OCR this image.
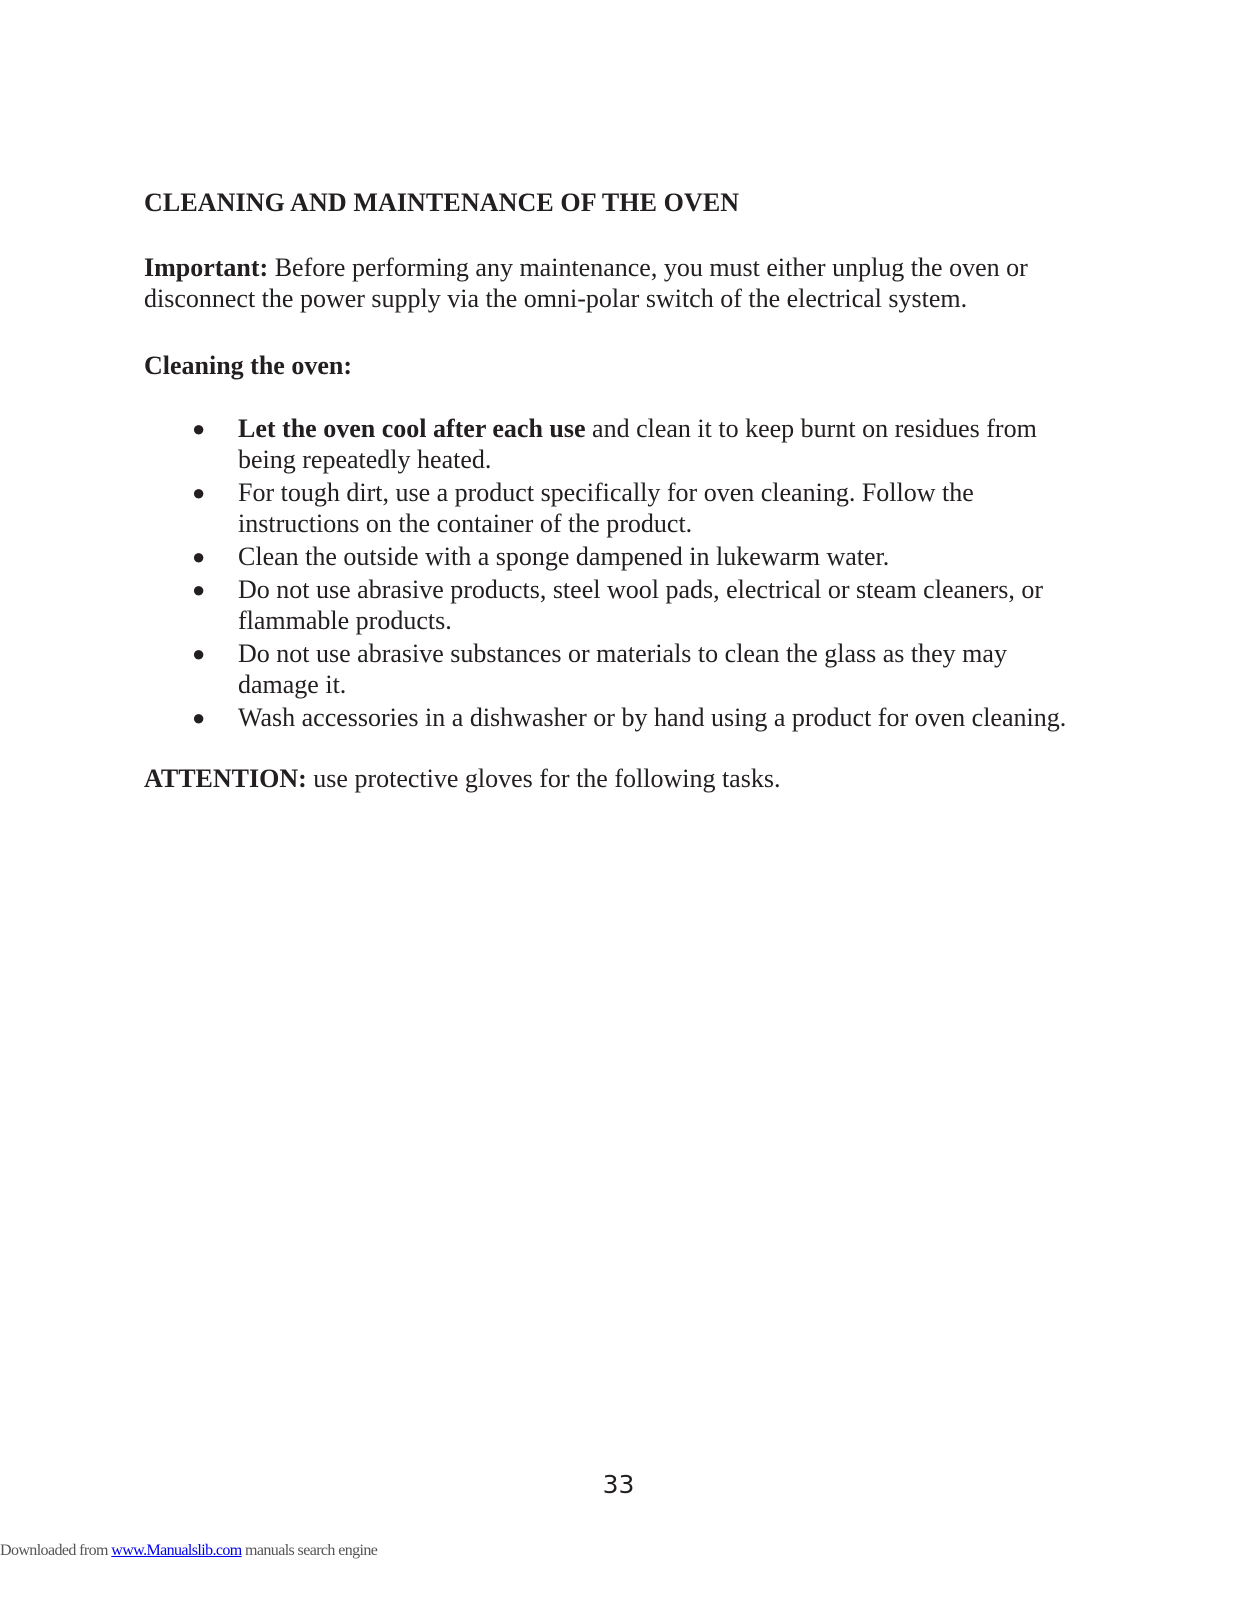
CLEANING AND MAINTENANCE OF THE OVEN

Important: Before performing any maintenance, you must either unplug the oven or disconnect the power supply via the omni-polar switch of the electrical system.

Cleaning the oven:
● Let the oven cool after each use and clean it to keep burnt on residues from being repeatedly heated.
● For tough dirt, use a product specifically for oven cleaning. Follow the instructions on the container of the product.
● Clean the outside with a sponge dampened in lukewarm water.
● Do not use abrasive products, steel wool pads, electrical or steam cleaners, or flammable products.
● Do not use abrasive substances or materials to clean the glass as they may damage it.
● Wash accessories in a dishwasher or by hand using a product for oven cleaning.

ATTENTION: use protective gloves for the following tasks.

33
Downloaded from www.Manualslib.com manuals search engine
